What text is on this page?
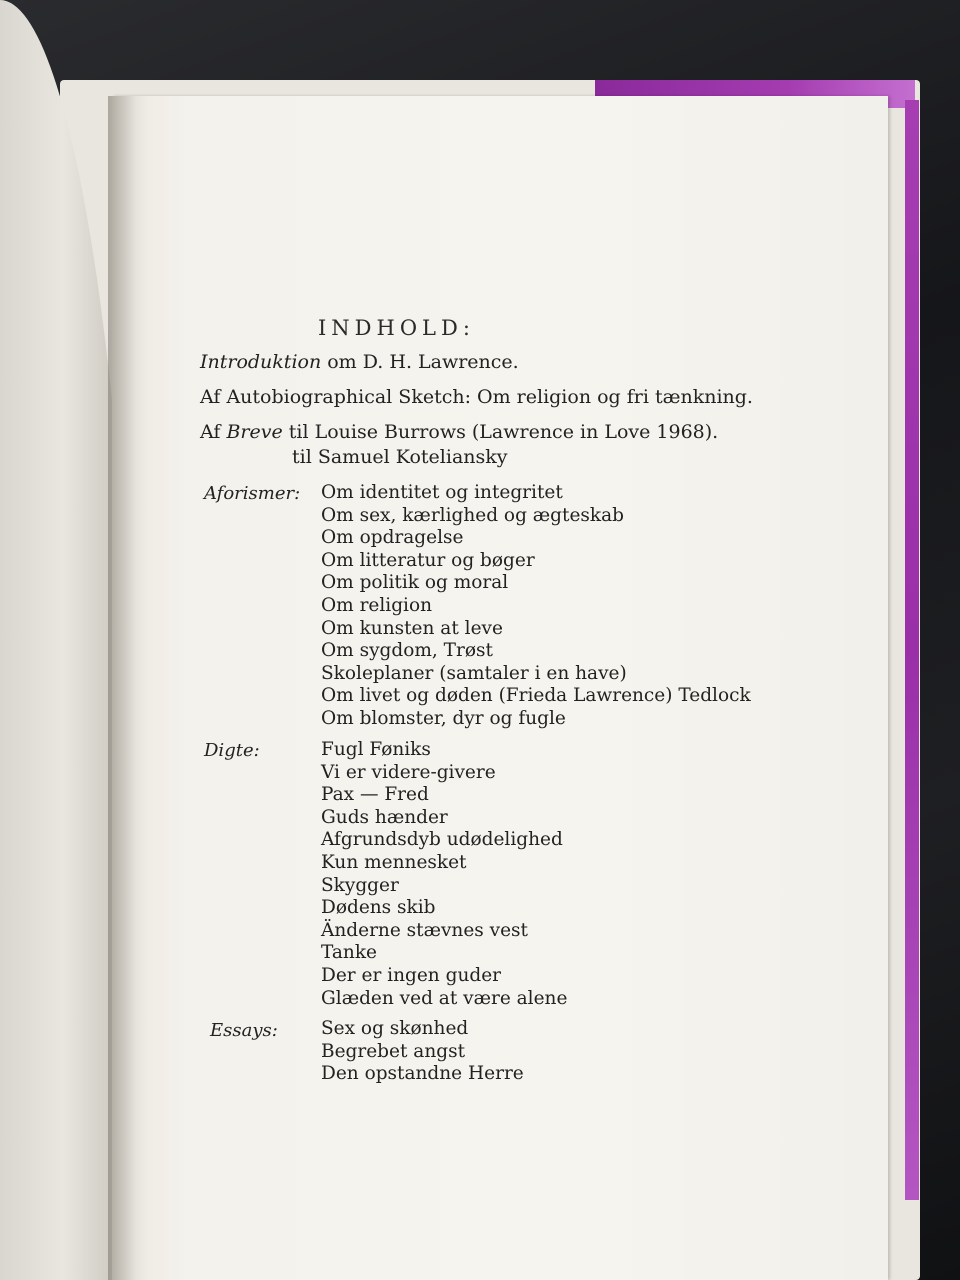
INDHOLD:
Introduktion om D. H. Lawrence.
Af Autobiographical Sketch: Om religion og fri tænkning.
Af Breve til Louise Burrows (Lawrence in Love 1968).
til Samuel Koteliansky
Aforismer: Om identitet og integritet
Om sex, kærlighed og ægteskab
Om opdragelse
Om litteratur og bøger
Om politik og moral
Om religion
Om kunsten at leve
Om sygdom, Trøst
Skoleplaner (samtaler i en have)
Om livet og døden (Frieda Lawrence) Tedlock
Om blomster, dyr og fugle
Digte:	Fugl Føniks
Vi er videre-givere
Pax — Fred
Guds hænder
Afgrundsdyb udødelighed
Kun mennesket
Skygger
Dødens skib
Änderne stævnes vest
Tanke
Der er ingen guder
Glæden ved at være alene
Essays: Sex og skønhed
Begrebet angst
Den opstandne Herre
